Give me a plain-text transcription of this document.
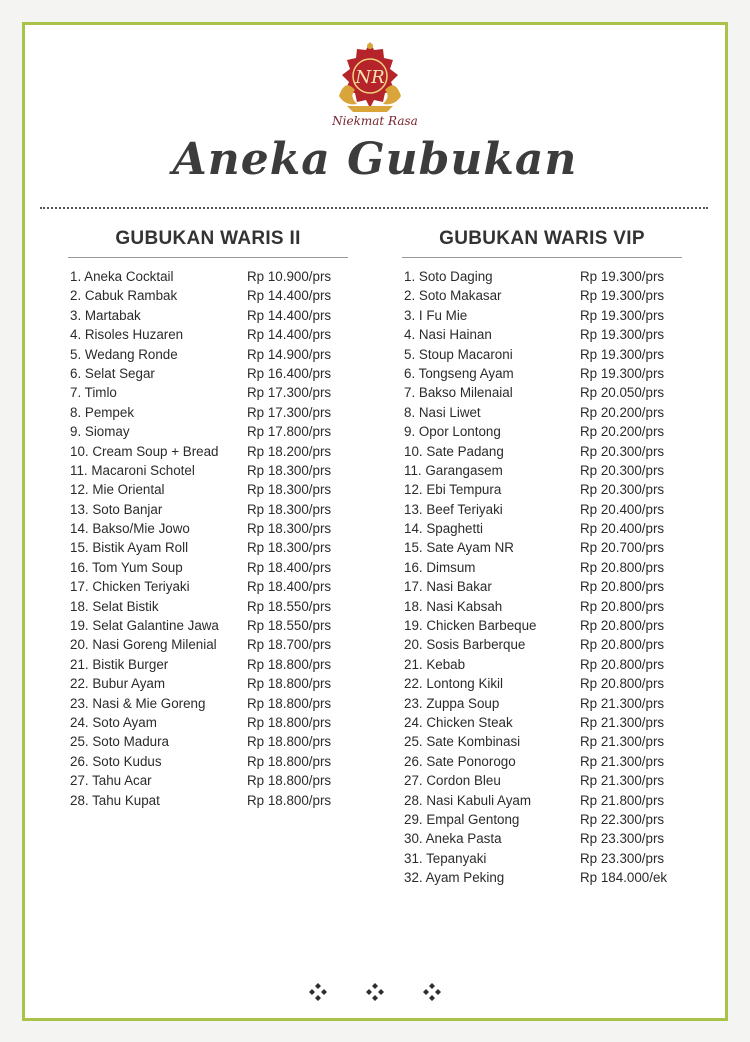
NR
Niekmat Rasa
Aneka Gubukan
GUBUKAN WARIS II	GUBUKAN WARIS VIP
1. Aneka Cocktail	Rp 10.900/prs
2. Cabuk Rambak	Rp 14.400/prs
3. Martabak	Rp 14.400/prs
4. Risoles Huzaren	Rp 14.400/prs
5. Wedang Ronde	Rp 14.900/prs
6. Selat Segar	Rp 16.400/prs
7. Timlo	Rp 17.300/prs
8. Pempek	Rp 17.300/prs
9. Siomay	Rp 17.800/prs
10. Cream Soup + Bread	Rp 18.200/prs
11. Macaroni Schotel	Rp 18.300/prs
12. Mie Oriental	Rp 18.300/prs
13. Soto Banjar	Rp 18.300/prs
14. Bakso/Mie Jowo	Rp 18.300/prs
15. Bistik Ayam Roll	Rp 18.300/prs
16. Tom Yum Soup	Rp 18.400/prs
17. Chicken Teriyaki	Rp 18.400/prs
18. Selat Bistik	Rp 18.550/prs
19. Selat Galantine Jawa	Rp 18.550/prs
20. Nasi Goreng Milenial	Rp 18.700/prs
21. Bistik Burger	Rp 18.800/prs
22. Bubur Ayam	Rp 18.800/prs
23. Nasi & Mie Goreng	Rp 18.800/prs
24. Soto Ayam	Rp 18.800/prs
25. Soto Madura	Rp 18.800/prs
26. Soto Kudus	Rp 18.800/prs
27. Tahu Acar	Rp 18.800/prs
28. Tahu Kupat	Rp 18.800/prs
1. Soto Daging	Rp 19.300/prs
2. Soto Makasar	Rp 19.300/prs
3. I Fu Mie	Rp 19.300/prs
4. Nasi Hainan	Rp 19.300/prs
5. Stoup Macaroni	Rp 19.300/prs
6. Tongseng Ayam	Rp 19.300/prs
7. Bakso Milenaial	Rp 20.050/prs
8. Nasi Liwet	Rp 20.200/prs
9. Opor Lontong	Rp 20.200/prs
10. Sate Padang	Rp 20.300/prs
11. Garangasem	Rp 20.300/prs
12. Ebi Tempura	Rp 20.300/prs
13. Beef Teriyaki	Rp 20.400/prs
14. Spaghetti	Rp 20.400/prs
15. Sate Ayam NR	Rp 20.700/prs
16. Dimsum	Rp 20.800/prs
17. Nasi Bakar	Rp 20.800/prs
18. Nasi Kabsah	Rp 20.800/prs
19. Chicken Barbeque	Rp 20.800/prs
20. Sosis Barberque	Rp 20.800/prs
21. Kebab	Rp 20.800/prs
22. Lontong Kikil	Rp 20.800/prs
23. Zuppa Soup	Rp 21.300/prs
24. Chicken Steak	Rp 21.300/prs
25. Sate Kombinasi	Rp 21.300/prs
26. Sate Ponorogo	Rp 21.300/prs
27. Cordon Bleu	Rp 21.300/prs
28. Nasi Kabuli Ayam	Rp 21.800/prs
29. Empal Gentong	Rp 22.300/prs
30. Aneka Pasta	Rp 23.300/prs
31. Tepanyaki	Rp 23.300/prs
32. Ayam Peking	Rp 184.000/ek
